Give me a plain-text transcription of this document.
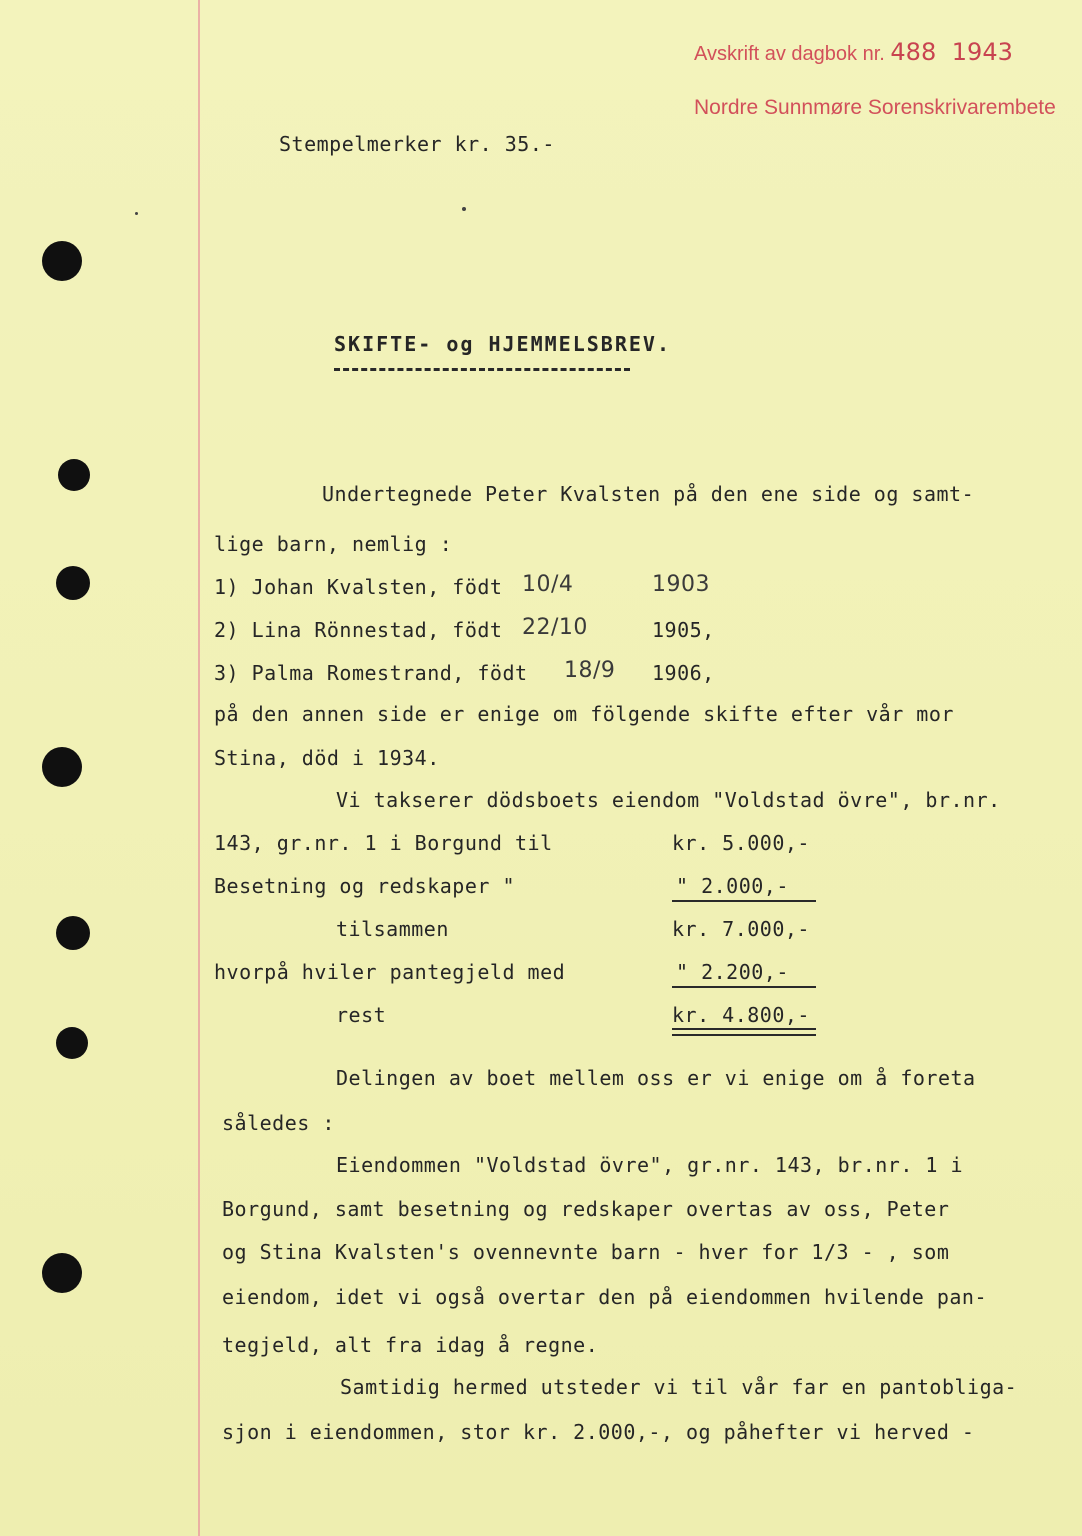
Avskrift av dagbok nr. 488 1943
Nordre Sunnmøre Sorenskrivarembete
Stempelmerker kr. 35.-
SKIFTE- og HJEMMELSBREV.
Undertegnede Peter Kvalsten på den ene side og samt-
lige barn, nemlig :
1) Johan Kvalsten, födt 10/4	1903
2) Lina Rönnestad, födt 22/10	1905,
3) Palma Romestrand, födt 18/9 1906,
på den annen side er enige om fölgende skifte efter vår mor
Stina, död i 1934.
Vi takserer dödsboets eiendom "Voldstad övre", br.nr.
143, gr.nr. 1 i Borgund til	kr. 5.000,-
Besetning og redskaper "	" 2.000,-
tilsammen	kr. 7.000,-
hvorpå hviler pantegjeld med	" 2.200,-
rest	kr. 4.800,-
Delingen av boet mellem oss er vi enige om å foreta
således :
Eiendommen "Voldstad övre", gr.nr. 143, br.nr. 1 i
Borgund, samt besetning og redskaper overtas av oss, Peter
og Stina Kvalsten's ovennevnte barn - hver for 1/3 - , som
eiendom, idet vi også overtar den på eiendommen hvilende pan-
tegjeld, alt fra idag å regne.
Samtidig hermed utsteder vi til vår far en pantobliga-
sjon i eiendommen, stor kr. 2.000,-, og påhefter vi herved -
